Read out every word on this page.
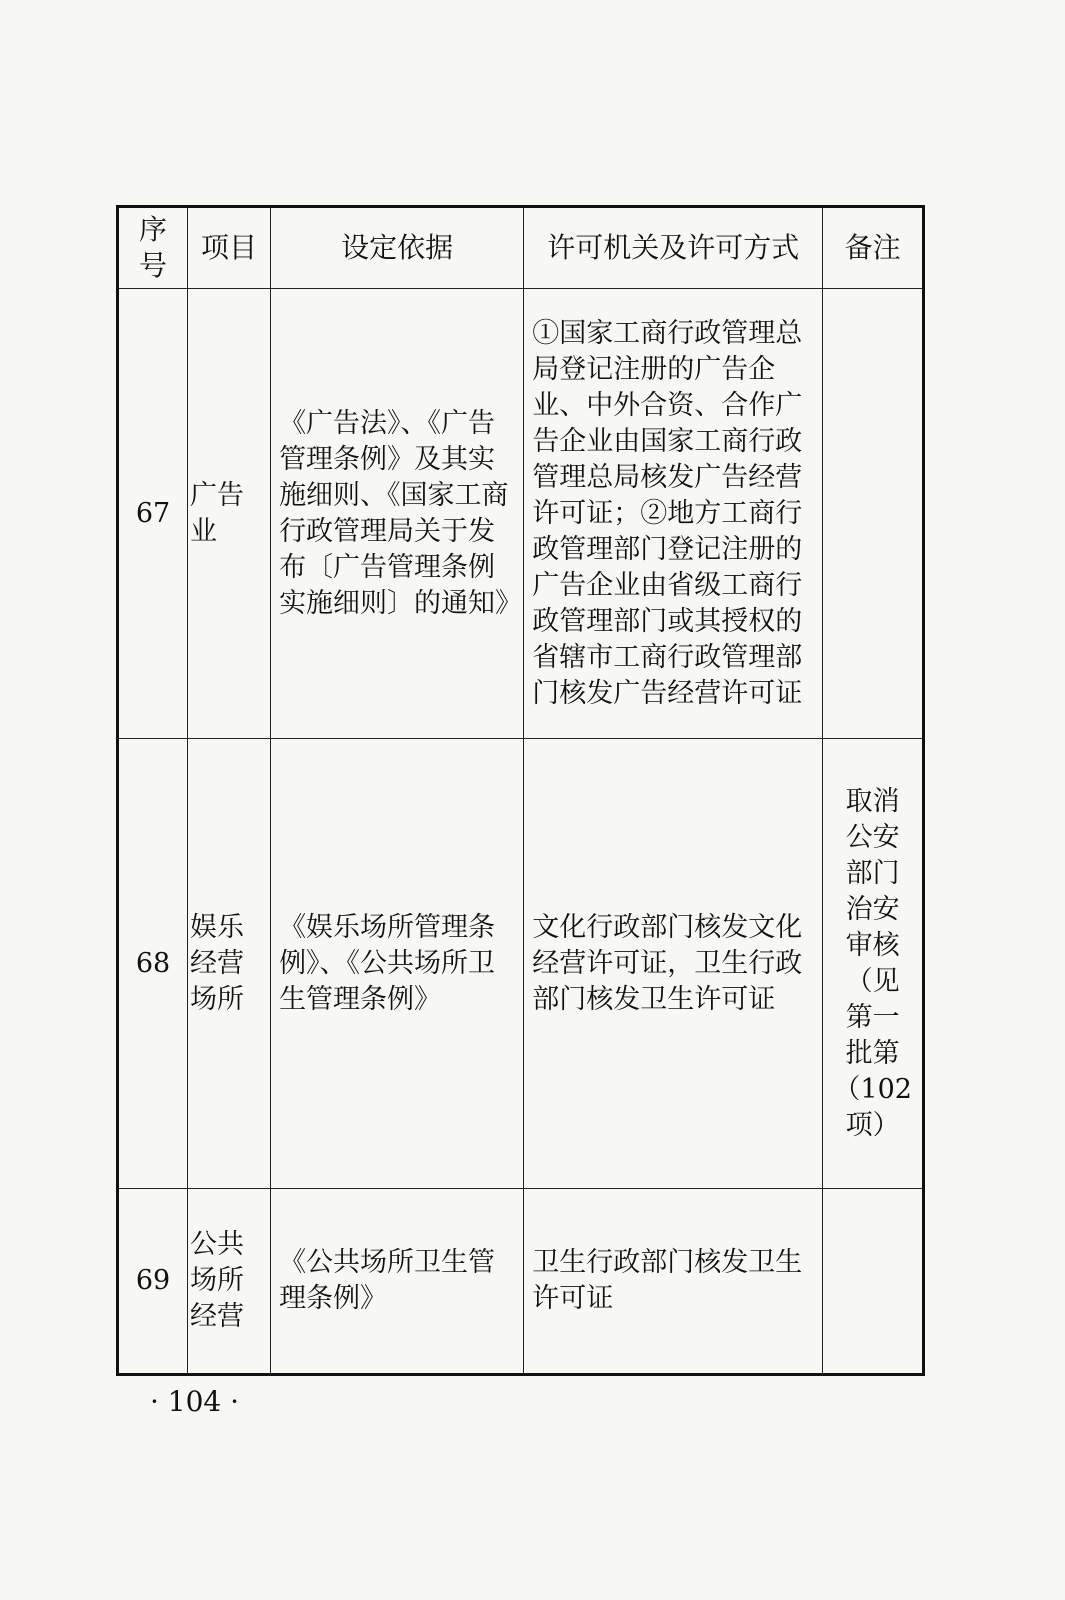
序号	项目	设定依据	许可机关及许可方式	备注
67	广告业	《广告法》、《广告管理条例》及其实施细则、《国家工商行政管理局关于发布〔广告管理条例实施细则〕的通知》	①国家工商行政管理总局登记注册的广告企业、中外合资、合作广告企业由国家工商行政管理总局核发广告经营许可证；②地方工商行政管理部门登记注册的广告企业由省级工商行政管理部门或其授权的省辖市工商行政管理部门核发广告经营许可证	
68	娱乐经营场所	《娱乐场所管理条例》、《公共场所卫生管理条例》	文化行政部门核发文化经营许可证，卫生行政部门核发卫生许可证	取消公安部门治安审核（见第一批第（102项）
69	公共场所经营	《公共场所卫生管理条例》	卫生行政部门核发卫生许可证	
· 104 ·
